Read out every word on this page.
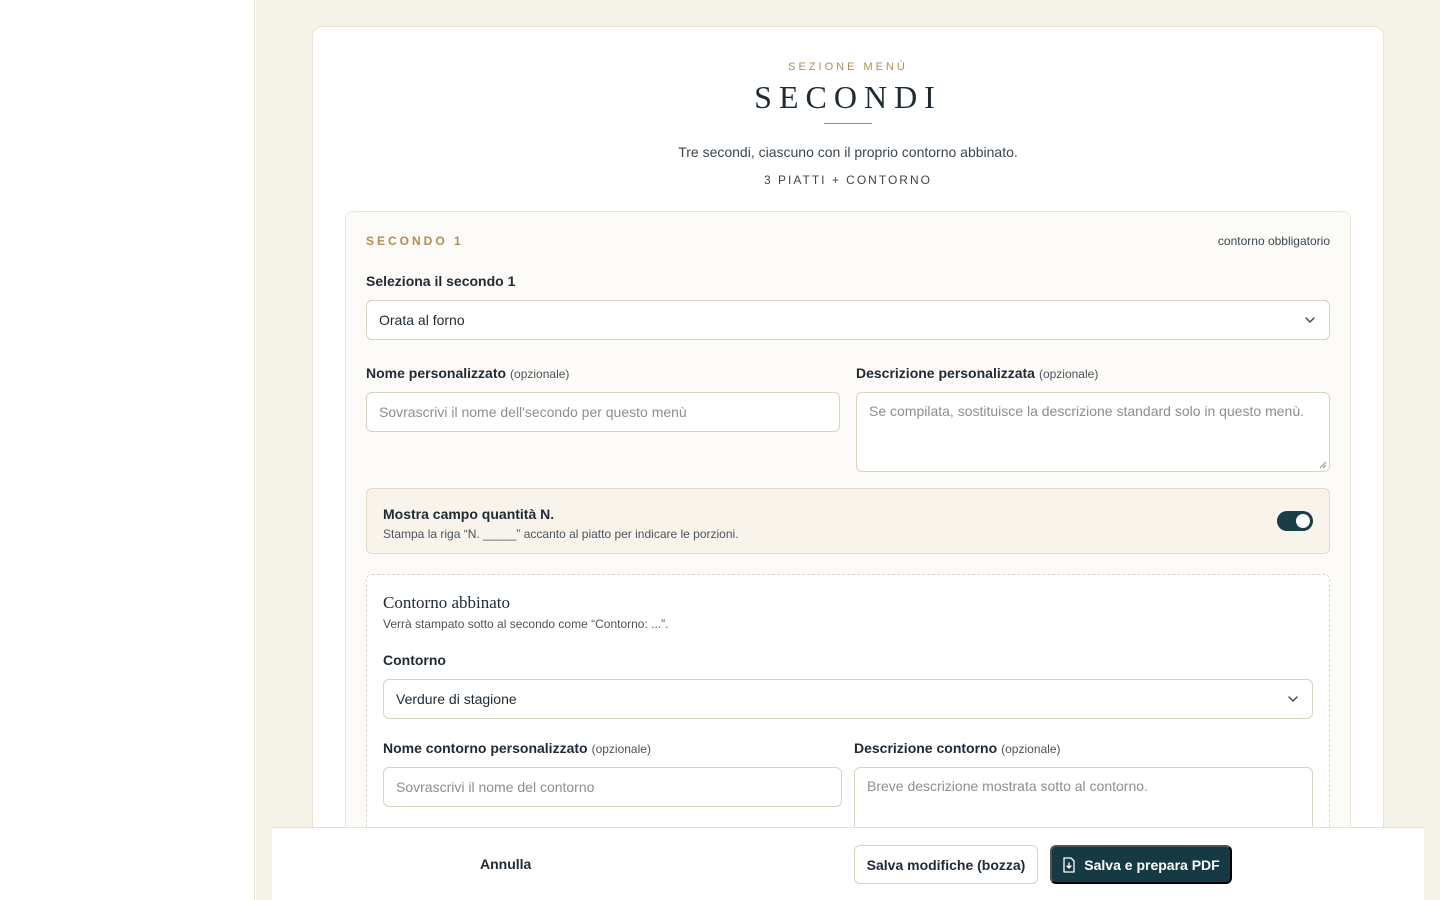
SEZIONE MENÙ
SECONDI
Tre secondi, ciascuno con il proprio contorno abbinato.
3 PIATTI + CONTORNO
SECONDO 1	contorno obbligatorio
Seleziona il secondo 1
Orata al forno
Nome personalizzato (opzionale)
Sovrascrivi il nome dell'secondo per questo menù
Descrizione personalizzata (opzionale)
Se compilata, sostituisce la descrizione standard solo in questo menù.
Mostra campo quantità N.
Stampa la riga “N. _____” accanto al piatto per indicare le porzioni.
Contorno abbinato
Verrà stampato sotto al secondo come “Contorno: ...”.
Contorno
Verdure di stagione
Nome contorno personalizzato (opzionale)
Sovrascrivi il nome del contorno
Descrizione contorno (opzionale)
Breve descrizione mostrata sotto al contorno.
Annulla	Salva modifiche (bozza)	Salva e prepara PDF
